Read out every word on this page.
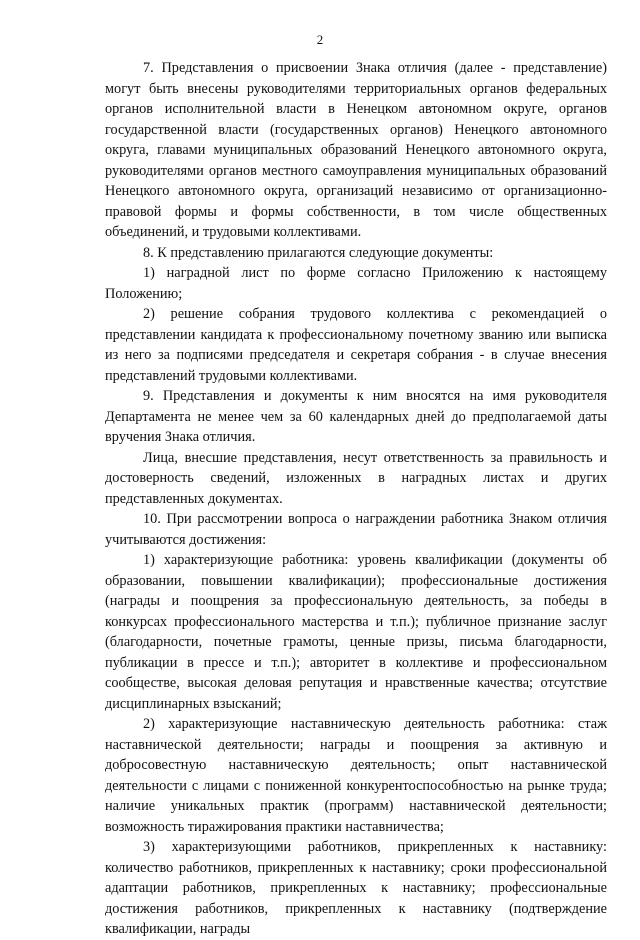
2

7. Представления о присвоении Знака отличия (далее - представление) могут быть внесены руководителями территориальных органов федеральных органов исполнительной власти в Ненецком автономном округе, органов государственной власти (государственных органов) Ненецкого автономного округа, главами муниципальных образований Ненецкого автономного округа, руководителями органов местного самоуправления муниципальных образований Ненецкого автономного округа, организаций независимо от организационно-правовой формы и формы собственности, в том числе общественных объединений, и трудовыми коллективами.

8. К представлению прилагаются следующие документы:

1) наградной лист по форме согласно Приложению к настоящему Положению;

2) решение собрания трудового коллектива с рекомендацией о представлении кандидата к профессиональному почетному званию или выписка из него за подписями председателя и секретаря собрания - в случае внесения представлений трудовыми коллективами.

9. Представления и документы к ним вносятся на имя руководителя Департамента не менее чем за 60 календарных дней до предполагаемой даты вручения Знака отличия.

Лица, внесшие представления, несут ответственность за правильность и достоверность сведений, изложенных в наградных листах и других представленных документах.

10. При рассмотрении вопроса о награждении работника Знаком отличия учитываются достижения:

1) характеризующие работника: уровень квалификации (документы об образовании, повышении квалификации); профессиональные достижения (награды и поощрения за профессиональную деятельность, за победы в конкурсах профессионального мастерства и т.п.); публичное признание заслуг (благодарности, почетные грамоты, ценные призы, письма благодарности, публикации в прессе и т.п.); авторитет в коллективе и профессиональном сообществе, высокая деловая репутация и нравственные качества; отсутствие дисциплинарных взысканий;

2) характеризующие наставническую деятельность работника: стаж наставнической деятельности; награды и поощрения за активную и добросовестную наставническую деятельность; опыт наставнической деятельности с лицами с пониженной конкурентоспособностью на рынке труда; наличие уникальных практик (программ) наставнической деятельности; возможность тиражирования практики наставничества;

3) характеризующими работников, прикрепленных к наставнику: количество работников, прикрепленных к наставнику; сроки профессиональной адаптации работников, прикрепленных к наставнику; профессиональные достижения работников, прикрепленных к наставнику (подтверждение квалификации, награды
